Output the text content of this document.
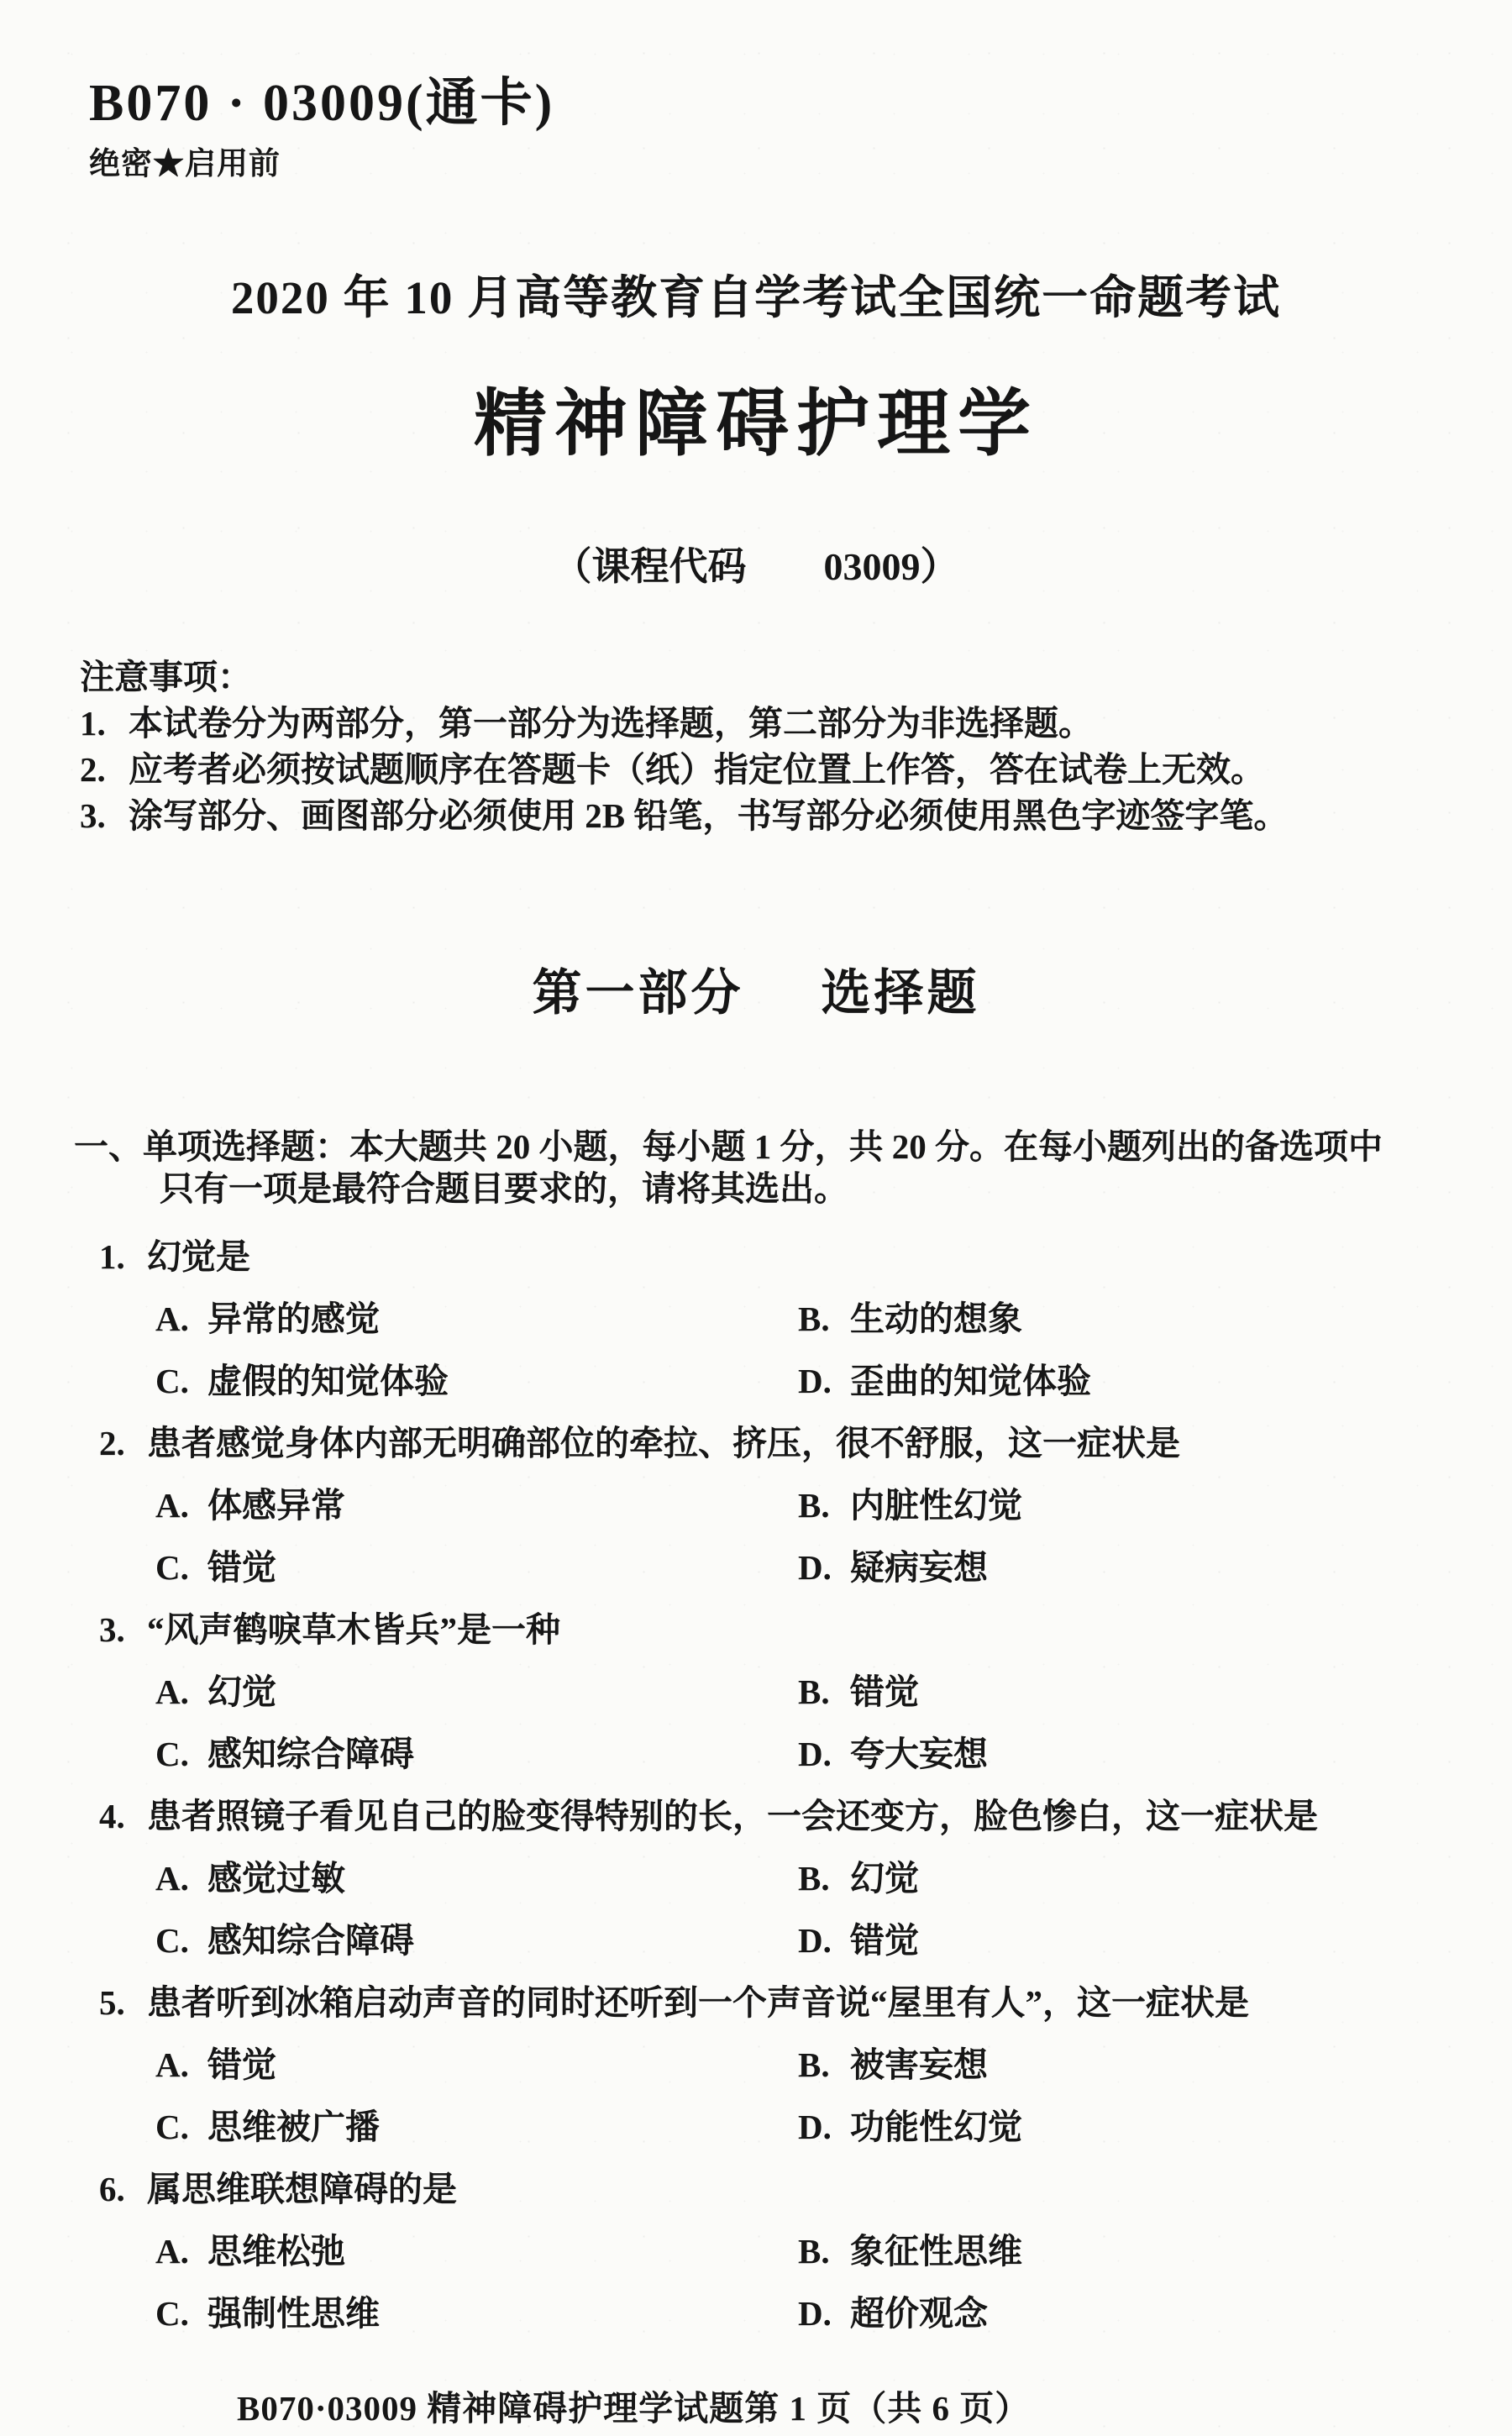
B070 · 03009(通卡)
绝密★启用前
2020 年 10 月高等教育自学考试全国统一命题考试
精神障碍护理学
（课程代码　　03009）
注意事项：
1. 本试卷分为两部分，第一部分为选择题，第二部分为非选择题。
2. 应考者必须按试题顺序在答题卡（纸）指定位置上作答，答在试卷上无效。
3. 涂写部分、画图部分必须使用 2B 铅笔，书写部分必须使用黑色字迹签字笔。
第一部分 选择题
一、单项选择题：本大题共 20 小题，每小题 1 分，共 20 分。在每小题列出的备选项中
只有一项是最符合题目要求的，请将其选出。
1. 幻觉是
A. 异常的感觉	B. 生动的想象
C. 虚假的知觉体验	D. 歪曲的知觉体验
2. 患者感觉身体内部无明确部位的牵拉、挤压，很不舒服，这一症状是
A. 体感异常	B. 内脏性幻觉
C. 错觉	D. 疑病妄想
3. “风声鹤唳草木皆兵”是一种
A. 幻觉	B. 错觉
C. 感知综合障碍	D. 夸大妄想
4. 患者照镜子看见自己的脸变得特别的长，一会还变方，脸色惨白，这一症状是
A. 感觉过敏	B. 幻觉
C. 感知综合障碍	D. 错觉
5. 患者听到冰箱启动声音的同时还听到一个声音说“屋里有人”，这一症状是
A. 错觉	B. 被害妄想
C. 思维被广播	D. 功能性幻觉
6. 属思维联想障碍的是
A. 思维松弛	B. 象征性思维
C. 强制性思维	D. 超价观念
B070·03009 精神障碍护理学试题第 1 页（共 6 页）
